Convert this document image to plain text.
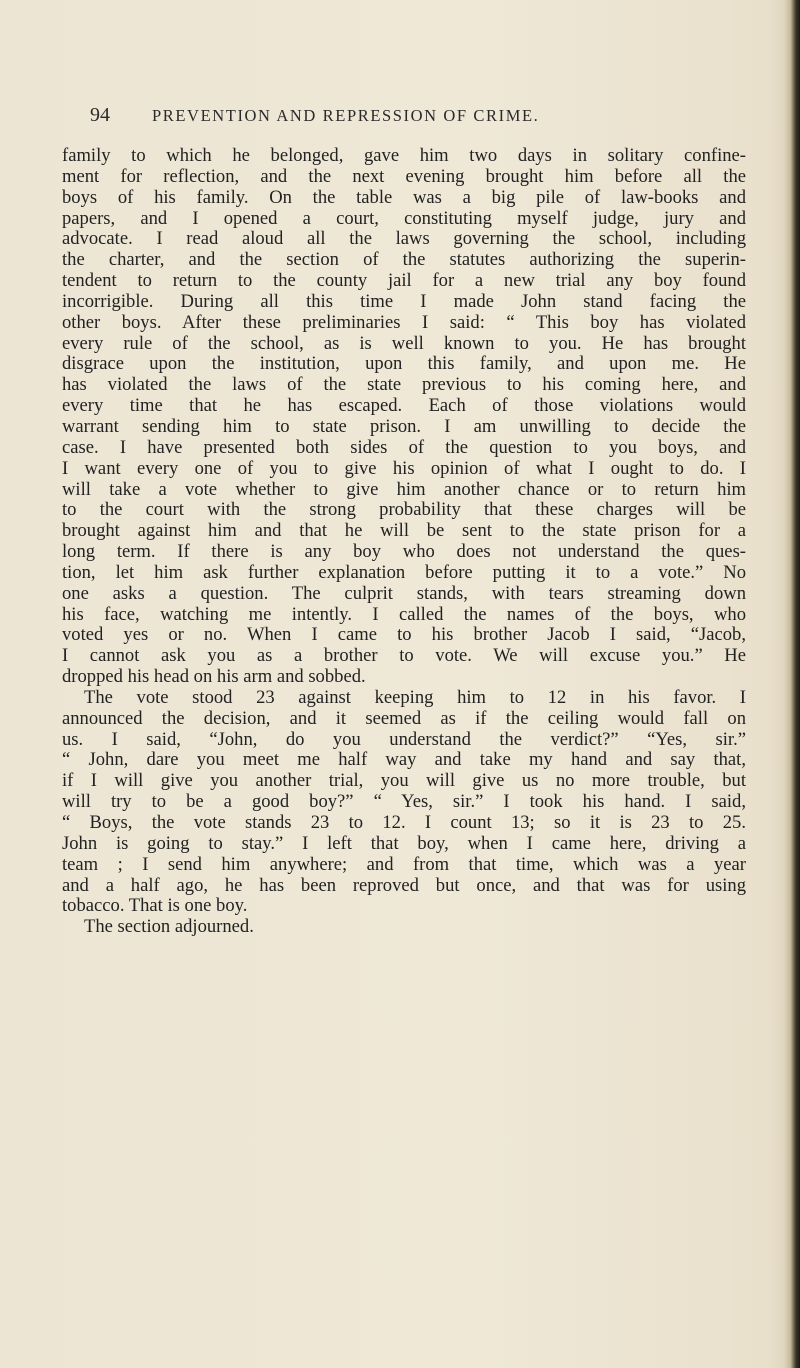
94	PREVENTION AND REPRESSION OF CRIME.
family to which he belonged, gave him two days in solitary confine-
ment for reflection, and the next evening brought him before all the
boys of his family. On the table was a big pile of law-books and
papers, and I opened a court, constituting myself judge, jury and
advocate. I read aloud all the laws governing the school, including
the charter, and the section of the statutes authorizing the superin-
tendent to return to the county jail for a new trial any boy found
incorrigible. During all this time I made John stand facing the
other boys. After these preliminaries I said: “ This boy has violated
every rule of the school, as is well known to you. He has brought
disgrace upon the institution, upon this family, and upon me. He
has violated the laws of the state previous to his coming here, and
every time that he has escaped. Each of those violations would
warrant sending him to state prison. I am unwilling to decide the
case. I have presented both sides of the question to you boys, and
I want every one of you to give his opinion of what I ought to do. I
will take a vote whether to give him another chance or to return him
to the court with the strong probability that these charges will be
brought against him and that he will be sent to the state prison for a
long term. If there is any boy who does not understand the ques-
tion, let him ask further explanation before putting it to a vote.” No
one asks a question. The culprit stands, with tears streaming down
his face, watching me intently. I called the names of the boys, who
voted yes or no. When I came to his brother Jacob I said, “Jacob,
I cannot ask you as a brother to vote. We will excuse you.” He
dropped his head on his arm and sobbed.
The vote stood 23 against keeping him to 12 in his favor. I
announced the decision, and it seemed as if the ceiling would fall on
us. I said, “John, do you understand the verdict?” “Yes, sir.”
“ John, dare you meet me half way and take my hand and say that,
if I will give you another trial, you will give us no more trouble, but
will try to be a good boy?” “ Yes, sir.” I took his hand. I said,
“ Boys, the vote stands 23 to 12. I count 13; so it is 23 to 25.
John is going to stay.” I left that boy, when I came here, driving a
team ; I send him anywhere; and from that time, which was a year
and a half ago, he has been reproved but once, and that was for using
tobacco. That is one boy.
The section adjourned.
